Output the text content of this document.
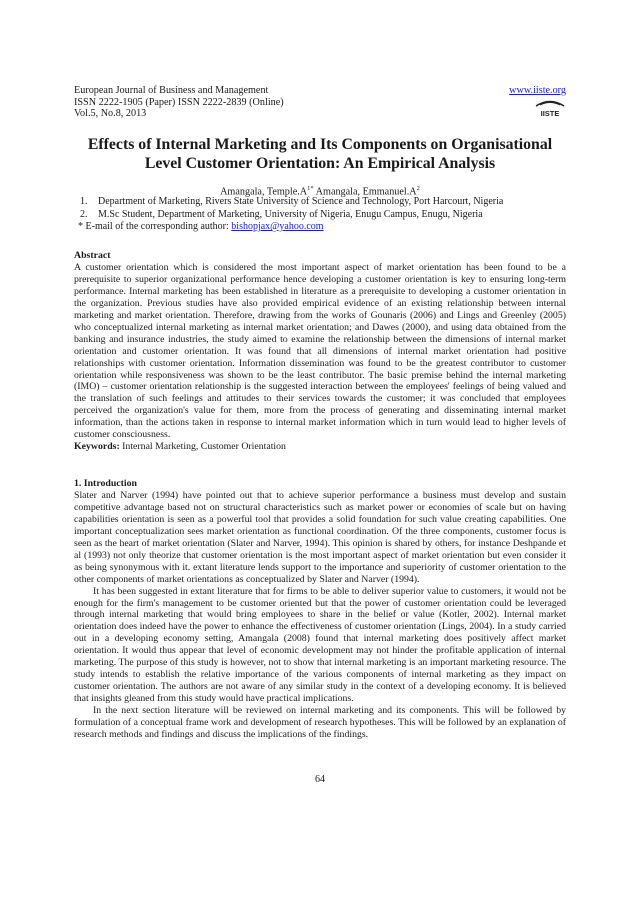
European Journal of Business and Management
ISSN 2222-1905 (Paper) ISSN 2222-2839 (Online)
Vol.5, No.8, 2013
www.iiste.org
IISTE
Effects of Internal Marketing and Its Components on Organisational
Level Customer Orientation: An Empirical Analysis
Amangala, $Temple.A^{1*}$ Amangala, $Emmanuel.A^2$
1. Department of Marketing, Rivers State University of Science and Technology, Port Harcourt, Nigeria
2. M.Sc Student, Department of Marketing, University of Nigeria, Enugu Campus, Enugu, Nigeria
* E-mail of the corresponding author: bishopjax@yahoo.com

Abstract

A customer orientation which is considered the most important aspect of market orientation has been found to be a prerequisite to superior organizational performance hence developing a customer orientation is key to ensuring long-term performance. Internal marketing has been established in literature as a prerequisite to developing a customer orientation in the organization. Previous studies have also provided empirical evidence of an existing relationship between internal marketing and market orientation. Therefore, drawing from the works of Gounaris (2006) and Lings and Greenley (2005) who conceptualized internal marketing as internal market orientation; and Dawes (2000), and using data obtained from the banking and insurance industries, the study aimed to examine the relationship between the dimensions of internal market orientation and customer orientation. It was found that all dimensions of internal market orientation had positive relationships with customer orientation. Information dissemination was found to be the greatest contributor to customer orientation while responsiveness was shown to be the least contributor. The basic premise behind the internal marketing (IMO) – customer orientation relationship is the suggested interaction between the employees' feelings of being valued and the translation of such feelings and attitudes to their services towards the customer; it was concluded that employees perceived the organization's value for them, more from the process of generating and disseminating internal market information, than the actions taken in response to internal market information which in turn would lead to higher levels of customer consciousness.

Keywords: Internal Marketing, Customer Orientation

1. Introduction

Slater and Narver (1994) have pointed out that to achieve superior performance a business must develop and sustain competitive advantage based not on structural characteristics such as market power or economies of scale but on having capabilities orientation is seen as a powerful tool that provides a solid foundation for such value creating capabilities. One important conceptualization sees market orientation as functional coordination. Of the three components, customer focus is seen as the heart of market orientation (Slater and Narver, 1994). This opinion is shared by others, for instance Deshpande et al (1993) not only theorize that customer orientation is the most important aspect of market orientation but even consider it as being synonymous with it. extant literature lends support to the importance and superiority of customer orientation to the other components of market orientations as conceptualized by Slater and Narver (1994).

It has been suggested in extant literature that for firms to be able to deliver superior value to customers, it would not be enough for the firm's management to be customer oriented but that the power of customer orientation could be leveraged through internal marketing that would bring employees to share in the belief or value (Kotler, 2002). Internal market orientation does indeed have the power to enhance the effectiveness of customer orientation (Lings, 2004). In a study carried out in a developing economy setting, Amangala (2008) found that internal marketing does positively affect market orientation. It would thus appear that level of economic development may not hinder the profitable application of internal marketing. The purpose of this study is however, not to show that internal marketing is an important marketing resource. The study intends to establish the relative importance of the various components of internal marketing as they impact on customer orientation. The authors are not aware of any similar study in the context of a developing economy. It is believed that insights gleaned from this study would have practical implications.

In the next section literature will be reviewed on internal marketing and its components. This will be followed by formulation of a conceptual frame work and development of research hypotheses. This will be followed by an explanation of research methods and findings and discuss the implications of the findings.

64
